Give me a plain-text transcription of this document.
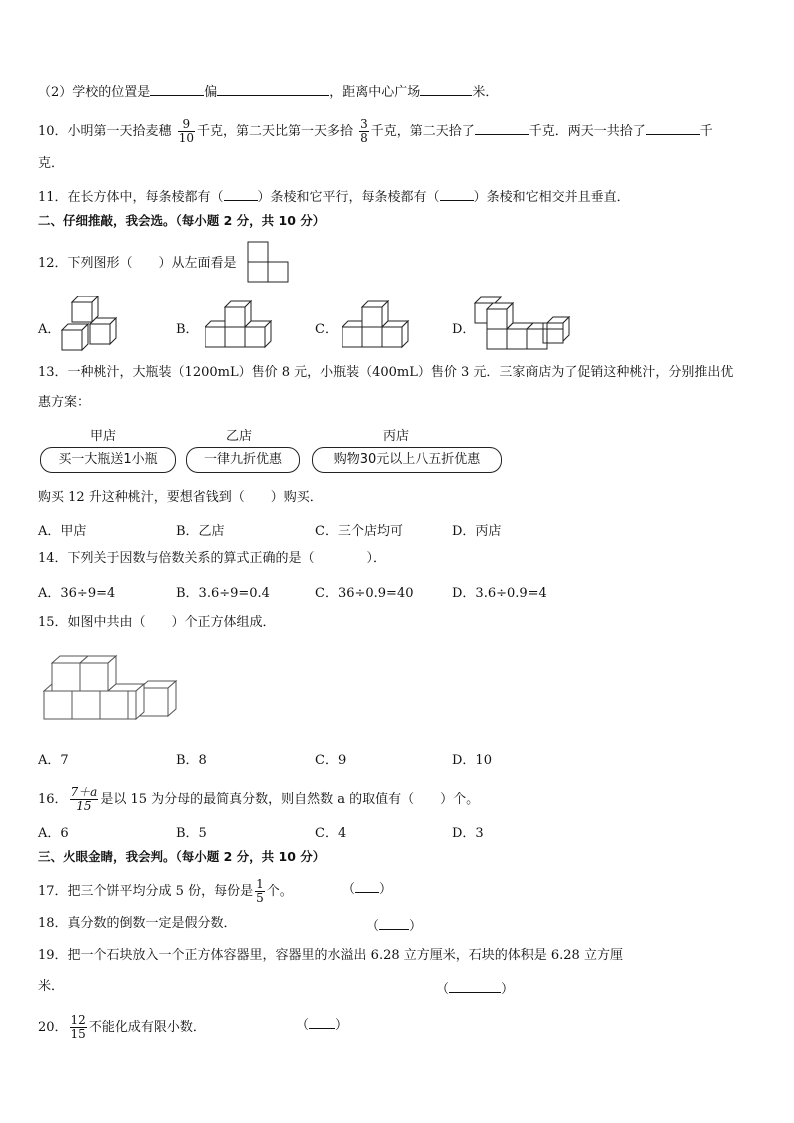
（2）学校的位置是	偏	，距离中心广场	米．
10．小明第一天拾麦穗 $\frac{9}{10}$ 千克，第二天比第一天多拾 $\frac{3}{8}$ 千克，第二天拾了	千克．两天一共拾了	千
克．
11．在长方体中，每条棱都有（	）条棱和它平行，每条棱都有（	）条棱和它相交并且垂直．
二、仔细推敲，我会选。（每小题 2 分，共 10 分）
12．下列图形（　　）从左面看是
A．	B．	C．	D．
13．一种桃汁，大瓶装（1200mL）售价 8 元，小瓶装（400mL）售价 3 元．三家商店为了促销这种桃汁，分别推出优
惠方案：
甲店	乙店	丙店
买一大瓶送1小瓶	一律九折优惠	购物30元以上八五折优惠
购买 12 升这种桃汁，要想省钱到（　　）购买．
A．甲店	B．乙店	C．三个店均可	D．丙店
14．下列关于因数与倍数关系的算式正确的是（　　　　）．
A．36÷9=4	B．3.6÷9=0.4	C．36÷0.9=40	D．3.6÷0.9=4
15．如图中共由（　　）个正方体组成．
A．7	B．8	C．9	D．10
16． $\frac{7+a}{15}$ 是以 15 为分母的最简真分数，则自然数 a 的取值有（　　）个。
A．6	B．5	C．4	D．3
三、火眼金睛，我会判。（每小题 2 分，共 10 分）
17．把三个饼平均分成 5 份，每份是 $\frac{1}{5}$ 个。	（ ）
18．真分数的倒数一定是假分数．	（ ）
19．把一个石块放入一个正方体容器里，容器里的水溢出 6.28 立方厘米，石块的体积是 6.28 立方厘
米．	（	）
20． $\frac{12}{15}$ 不能化成有限小数．	（ ）
